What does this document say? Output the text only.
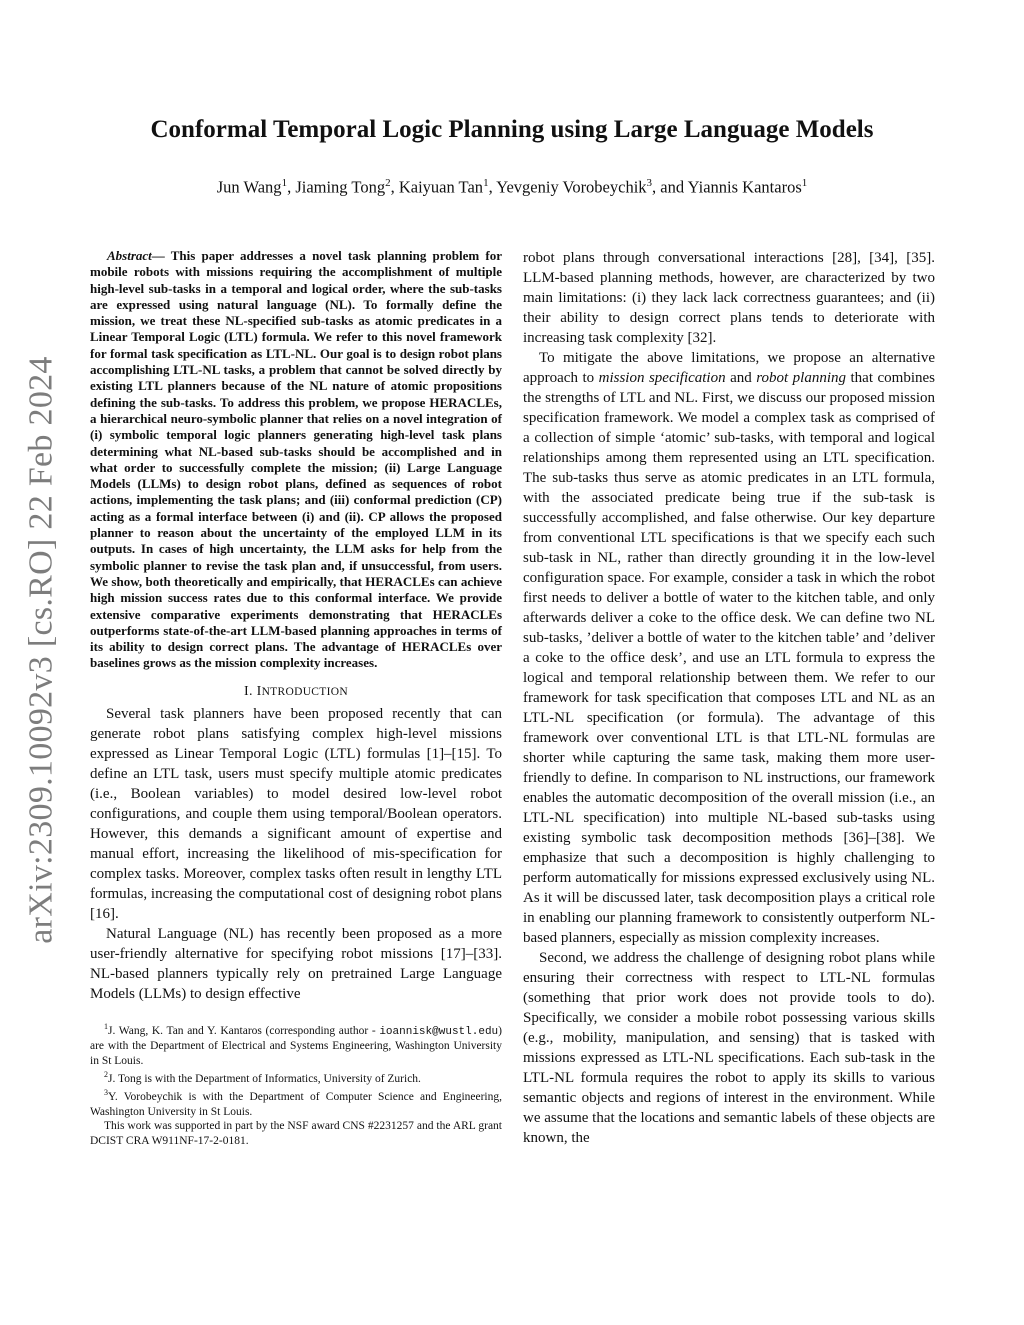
arXiv:2309.10092v3 [cs.RO] 22 Feb 2024
Conformal Temporal Logic Planning using Large Language Models
Jun Wang$^1$, Jiaming Tong$^2$, Kaiyuan Tan$^1$, Yevgeniy Vorobeychik$^3$, and Yiannis Kantaros$^1$

Abstract— This paper addresses a novel task planning problem for mobile robots with missions requiring the accomplishment of multiple high-level sub-tasks in a temporal and logical order, where the sub-tasks are expressed using natural language (NL). To formally define the mission, we treat these NL-specified sub-tasks as atomic predicates in a Linear Temporal Logic (LTL) formula. We refer to this novel framework for formal task specification as LTL-NL. Our goal is to design robot plans accomplishing LTL-NL tasks, a problem that cannot be solved directly by existing LTL planners because of the NL nature of atomic propositions defining the sub-tasks. To address this problem, we propose HERACLEs, a hierarchical neuro-symbolic planner that relies on a novel integration of (i) symbolic temporal logic planners generating high-level task plans determining what NL-based sub-tasks should be accomplished and in what order to successfully complete the mission; (ii) Large Language Models (LLMs) to design robot plans, defined as sequences of robot actions, implementing the task plans; and (iii) conformal prediction (CP) acting as a formal interface between (i) and (ii). CP allows the proposed planner to reason about the uncertainty of the employed LLM in its outputs. In cases of high uncertainty, the LLM asks for help from the symbolic planner to revise the task plan and, if unsuccessful, from users. We show, both theoretically and empirically, that HERACLEs can achieve high mission success rates due to this conformal interface. We provide extensive comparative experiments demonstrating that HERACLEs outperforms state-of-the-art LLM-based planning approaches in terms of its ability to design correct plans. The advantage of HERACLEs over baselines grows as the mission complexity increases.

I. INTRODUCTION

Several task planners have been proposed recently that can generate robot plans satisfying complex high-level missions expressed as Linear Temporal Logic (LTL) formulas [1]–[15]. To define an LTL task, users must specify multiple atomic predicates (i.e., Boolean variables) to model desired low-level robot configurations, and couple them using temporal/Boolean operators. However, this demands a significant amount of expertise and manual effort, increasing the likelihood of mis-specification for complex tasks. Moreover, complex tasks often result in lengthy LTL formulas, increasing the computational cost of designing robot plans [16].

Natural Language (NL) has recently been proposed as a more user-friendly alternative for specifying robot missions [17]–[33]. NL-based planners typically rely on pretrained Large Language Models (LLMs) to design effective

$^1$J. Wang, K. Tan and Y. Kantaros (corresponding author - ioannisk@wustl.edu) are with the Department of Electrical and Systems Engineering, Washington University in St Louis.

$^2$J. Tong is with the Department of Informatics, University of Zurich.

$^3$Y. Vorobeychik is with the Department of Computer Science and Engineering, Washington University in St Louis.

This work was supported in part by the NSF award CNS #2231257 and the ARL grant DCIST CRA W911NF-17-2-0181.

robot plans through conversational interactions [28], [34], [35]. LLM-based planning methods, however, are characterized by two main limitations: (i) they lack lack correctness guarantees; and (ii) their ability to design correct plans tends to deteriorate with increasing task complexity [32].

To mitigate the above limitations, we propose an alternative approach to mission specification and robot planning that combines the strengths of LTL and NL. First, we discuss our proposed mission specification framework. We model a complex task as comprised of a collection of simple ‘atomic’ sub-tasks, with temporal and logical relationships among them represented using an LTL specification. The sub-tasks thus serve as atomic predicates in an LTL formula, with the associated predicate being true if the sub-task is successfully accomplished, and false otherwise. Our key departure from conventional LTL specifications is that we specify each such sub-task in NL, rather than directly grounding it in the low-level configuration space. For example, consider a task in which the robot first needs to deliver a bottle of water to the kitchen table, and only afterwards deliver a coke to the office desk. We can define two NL sub-tasks, ’deliver a bottle of water to the kitchen table’ and ’deliver a coke to the office desk’, and use an LTL formula to express the logical and temporal relationship between them. We refer to our framework for task specification that composes LTL and NL as an LTL-NL specification (or formula). The advantage of this framework over conventional LTL is that LTL-NL formulas are shorter while capturing the same task, making them more user-friendly to define. In comparison to NL instructions, our framework enables the automatic decomposition of the overall mission (i.e., an LTL-NL specification) into multiple NL-based sub-tasks using existing symbolic task decomposition methods [36]–[38]. We emphasize that such a decomposition is highly challenging to perform automatically for missions expressed exclusively using NL. As it will be discussed later, task decomposition plays a critical role in enabling our planning framework to consistently outperform NL-based planners, especially as mission complexity increases.

Second, we address the challenge of designing robot plans while ensuring their correctness with respect to LTL-NL formulas (something that prior work does not provide tools to do). Specifically, we consider a mobile robot possessing various skills (e.g., mobility, manipulation, and sensing) that is tasked with missions expressed as LTL-NL specifications. Each sub-task in the LTL-NL formula requires the robot to apply its skills to various semantic objects and regions of interest in the environment. While we assume that the locations and semantic labels of these objects are known, the
